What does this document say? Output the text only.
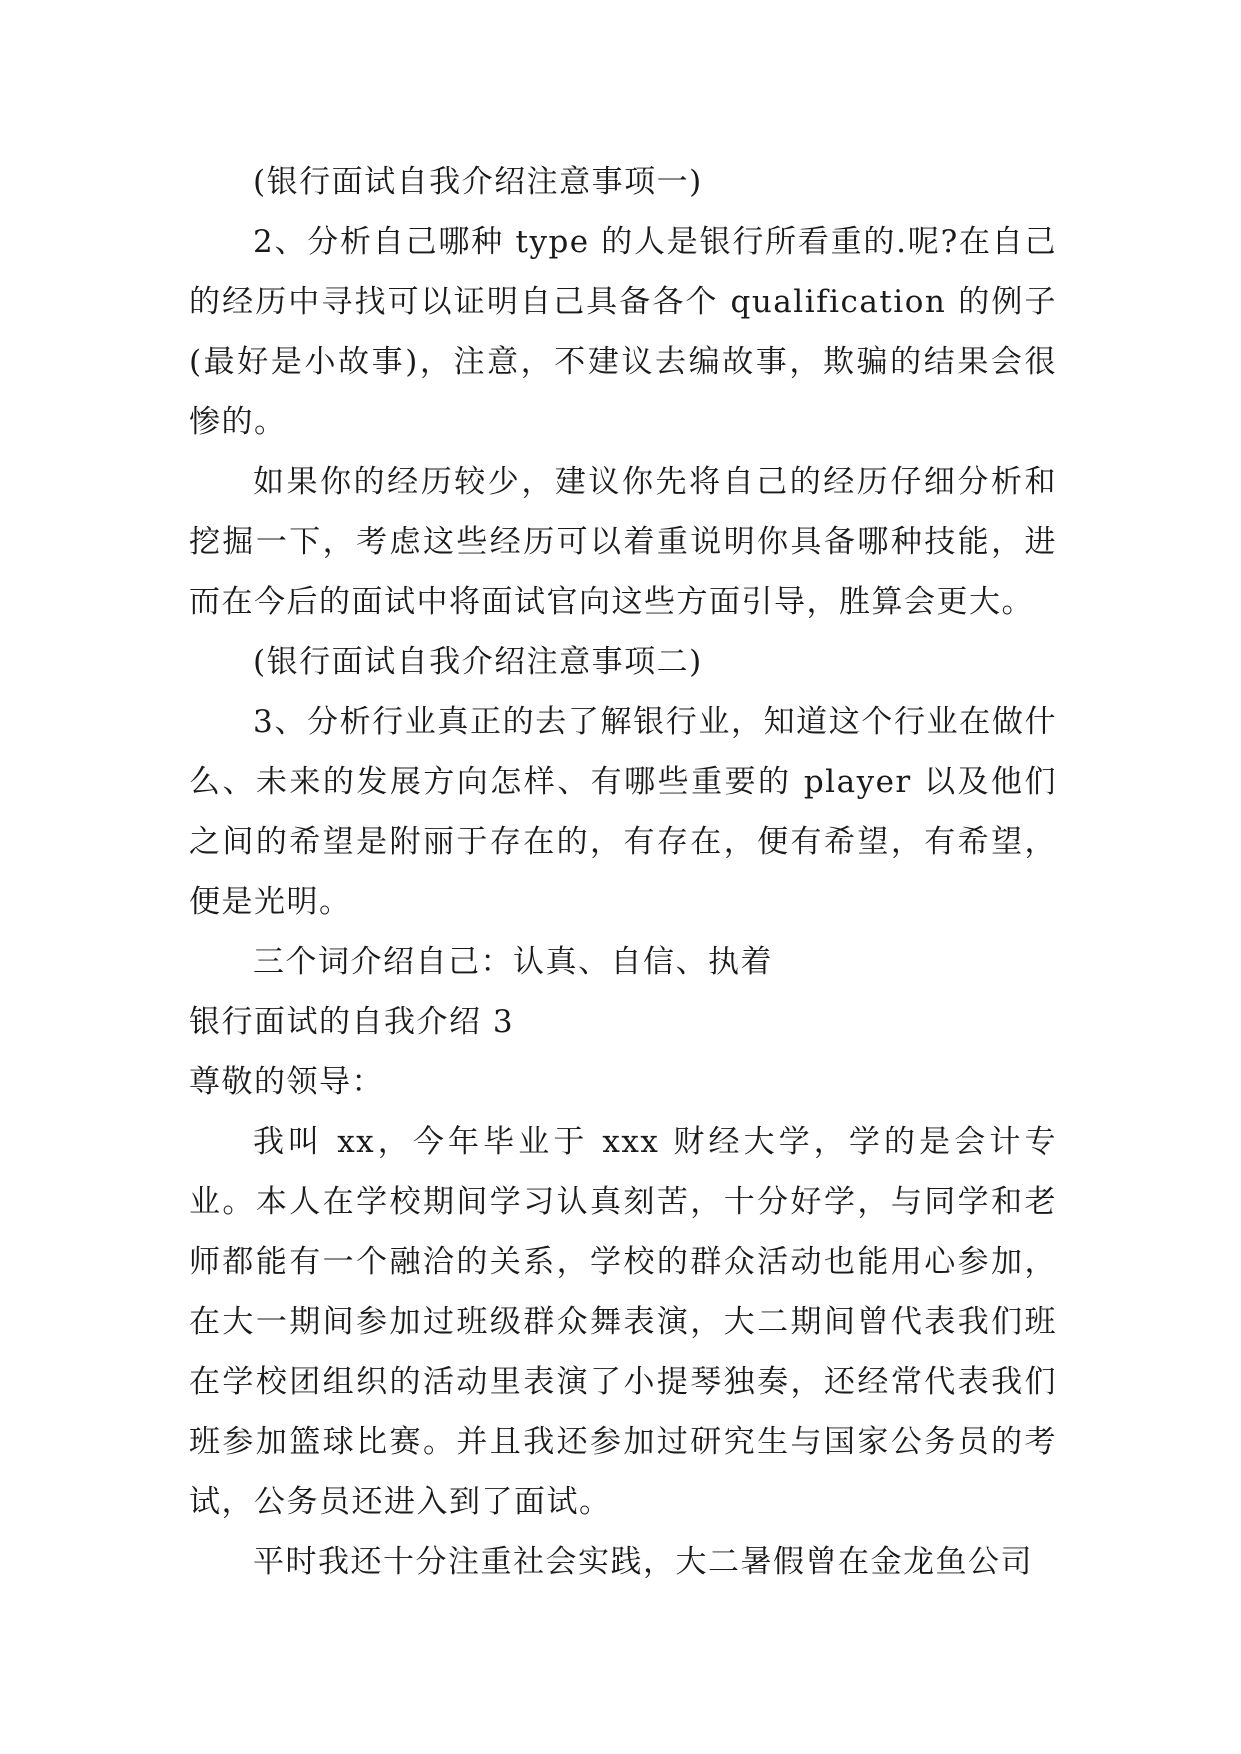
(银行面试自我介绍注意事项一)

2、分析自己哪种 type 的人是银行所看重的.呢?在自己的经历中寻找可以证明自己具备各个 qualification 的例子(最好是小故事)，注意，不建议去编故事，欺骗的结果会很惨的。

如果你的经历较少，建议你先将自己的经历仔细分析和挖掘一下，考虑这些经历可以着重说明你具备哪种技能，进而在今后的面试中将面试官向这些方面引导，胜算会更大。

(银行面试自我介绍注意事项二)

3、分析行业真正的去了解银行业，知道这个行业在做什么、未来的发展方向怎样、有哪些重要的 player 以及他们之间的希望是附丽于存在的，有存在，便有希望，有希望，便是光明。

三个词介绍自己：认真、自信、执着

银行面试的自我介绍 3

尊敬的领导：

我叫 xx，今年毕业于 xxx 财经大学，学的是会计专业。本人在学校期间学习认真刻苦，十分好学，与同学和老师都能有一个融洽的关系，学校的群众活动也能用心参加，在大一期间参加过班级群众舞表演，大二期间曾代表我们班在学校团组织的活动里表演了小提琴独奏，还经常代表我们班参加篮球比赛。并且我还参加过研究生与国家公务员的考试，公务员还进入到了面试。

平时我还十分注重社会实践，大二暑假曾在金龙鱼公司
